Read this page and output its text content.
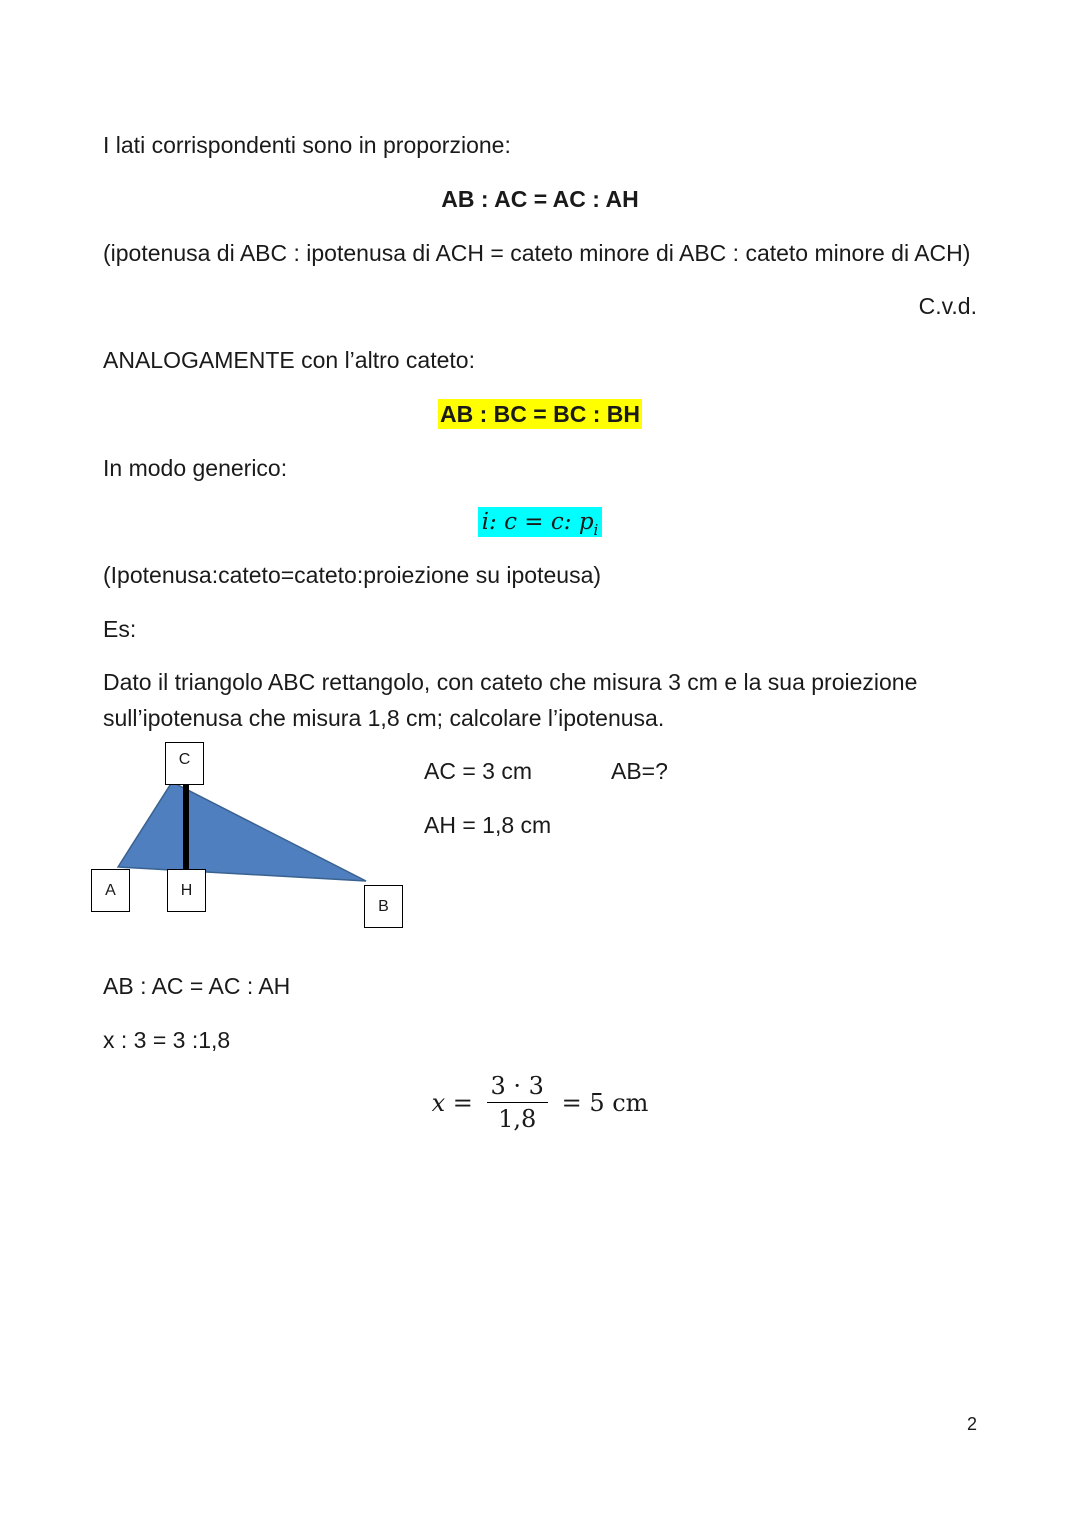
I lati corrispondenti sono in proporzione:
AB : AC = AC : AH
(ipotenusa di ABC : ipotenusa di ACH = cateto minore di ABC : cateto minore di ACH)
C.v.d.
ANALOGAMENTE con l’altro cateto:
AB : BC = BC : BH
In modo generico:
i: c = c: $p_i$
(Ipotenusa:cateto=cateto:proiezione su ipoteusa)
Es:
Dato il triangolo ABC rettangolo, con cateto che misura 3 cm e la sua proiezione
sull’ipotenusa che misura 1,8 cm; calcolare l’ipotenusa.
C
A	H
B
AC = 3 cm	AB=?
AH = 1,8 cm
AB : AC = AC : AH
x : 3 = 3 :1,8
$x = \frac{3 \cdot 3}{1,8} = 5$ cm
2
